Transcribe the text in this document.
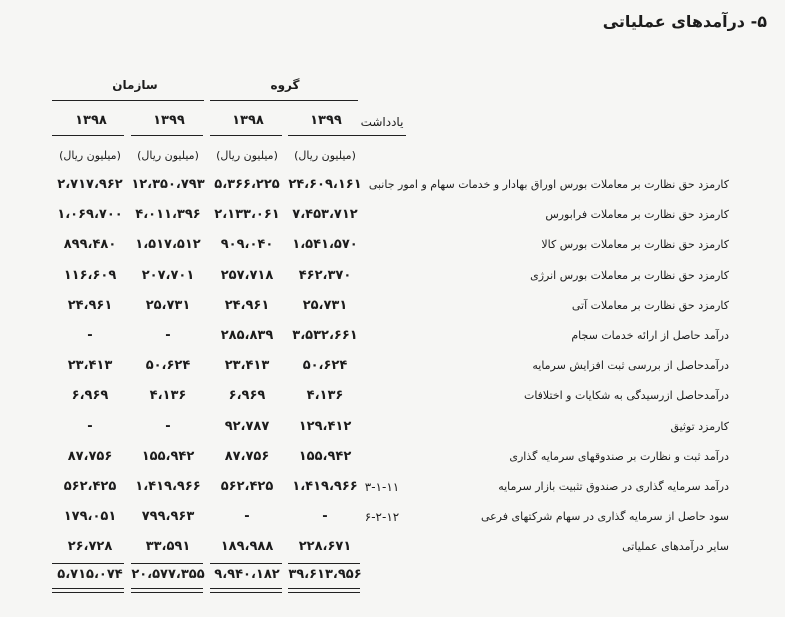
۵- درآمدهای عملیاتی
سازمان	گروه
۱۳۹۸	۱۳۹۹	۱۳۹۸	۱۳۹۹	یادداشت
(میلیون ریال)	(میلیون ریال)	(میلیون ریال)	(میلیون ریال)
۲،۷۱۷،۹۶۲ ۱۲،۳۵۰،۷۹۳ ۵،۳۶۶،۲۲۵ ۲۴،۶۰۹،۱۶۱ کارمزد حق نظارت بر معاملات بورس اوراق بهادار و خدمات سهام و امور جانبی
۱،۰۶۹،۷۰۰ ۴،۰۱۱،۳۹۶	۲،۱۳۳،۰۶۱ ۷،۴۵۳،۷۱۲	کارمزد حق نظارت بر معاملات فرابورس
۸۹۹،۴۸۰	۱،۵۱۷،۵۱۲	۹۰۹،۰۴۰	۱،۵۴۱،۵۷۰	کارمزد حق نظارت بر معاملات بورس کالا
۱۱۶،۶۰۹	۲۰۷،۷۰۱	۲۵۷،۷۱۸	۴۶۲،۳۷۰	کارمزد حق نظارت بر معاملات بورس انرژی
۲۴،۹۶۱	۲۵،۷۳۱	۲۴،۹۶۱	۲۵،۷۳۱	کارمزد حق نظارت بر معاملات آتی
-	-	۲۸۵،۸۳۹	۳،۵۳۲،۶۶۱	درآمد حاصل از ارائه خدمات سجام
۲۳،۴۱۳	۵۰،۶۲۴	۲۳،۴۱۳	۵۰،۶۲۴	درآمدحاصل از بررسی ثبت افزایش سرمایه
۶،۹۶۹	۴،۱۳۶	۶،۹۶۹	۴،۱۳۶	درآمدحاصل ازرسیدگی به شکایات و اختلافات
-	-	۹۲،۷۸۷	۱۲۹،۴۱۲	کارمزد توثیق
۸۷،۷۵۶	۱۵۵،۹۴۲	۸۷،۷۵۶	۱۵۵،۹۴۲	درآمد ثبت و نظارت بر صندوقهای سرمایه گذاری
۵۶۲،۴۲۵	۱،۴۱۹،۹۶۶	۵۶۲،۴۲۵	۱،۴۱۹،۹۶۶ ۳-۱-۱۱	درآمد سرمایه گذاری در صندوق تثبیت بازار سرمایه
۱۷۹،۰۵۱	۷۹۹،۹۶۳	-	-	۶-۲-۱۲	سود حاصل از سرمایه گذاری در سهام شرکتهای فرعی
۲۶،۷۲۸	۳۳،۵۹۱	۱۸۹،۹۸۸	۲۲۸،۶۷۱	سایر درآمدهای عملیاتی
۵،۷۱۵،۰۷۴ ۲۰،۵۷۷،۳۵۵ ۹،۹۴۰،۱۸۲ ۳۹،۶۱۳،۹۵۶
